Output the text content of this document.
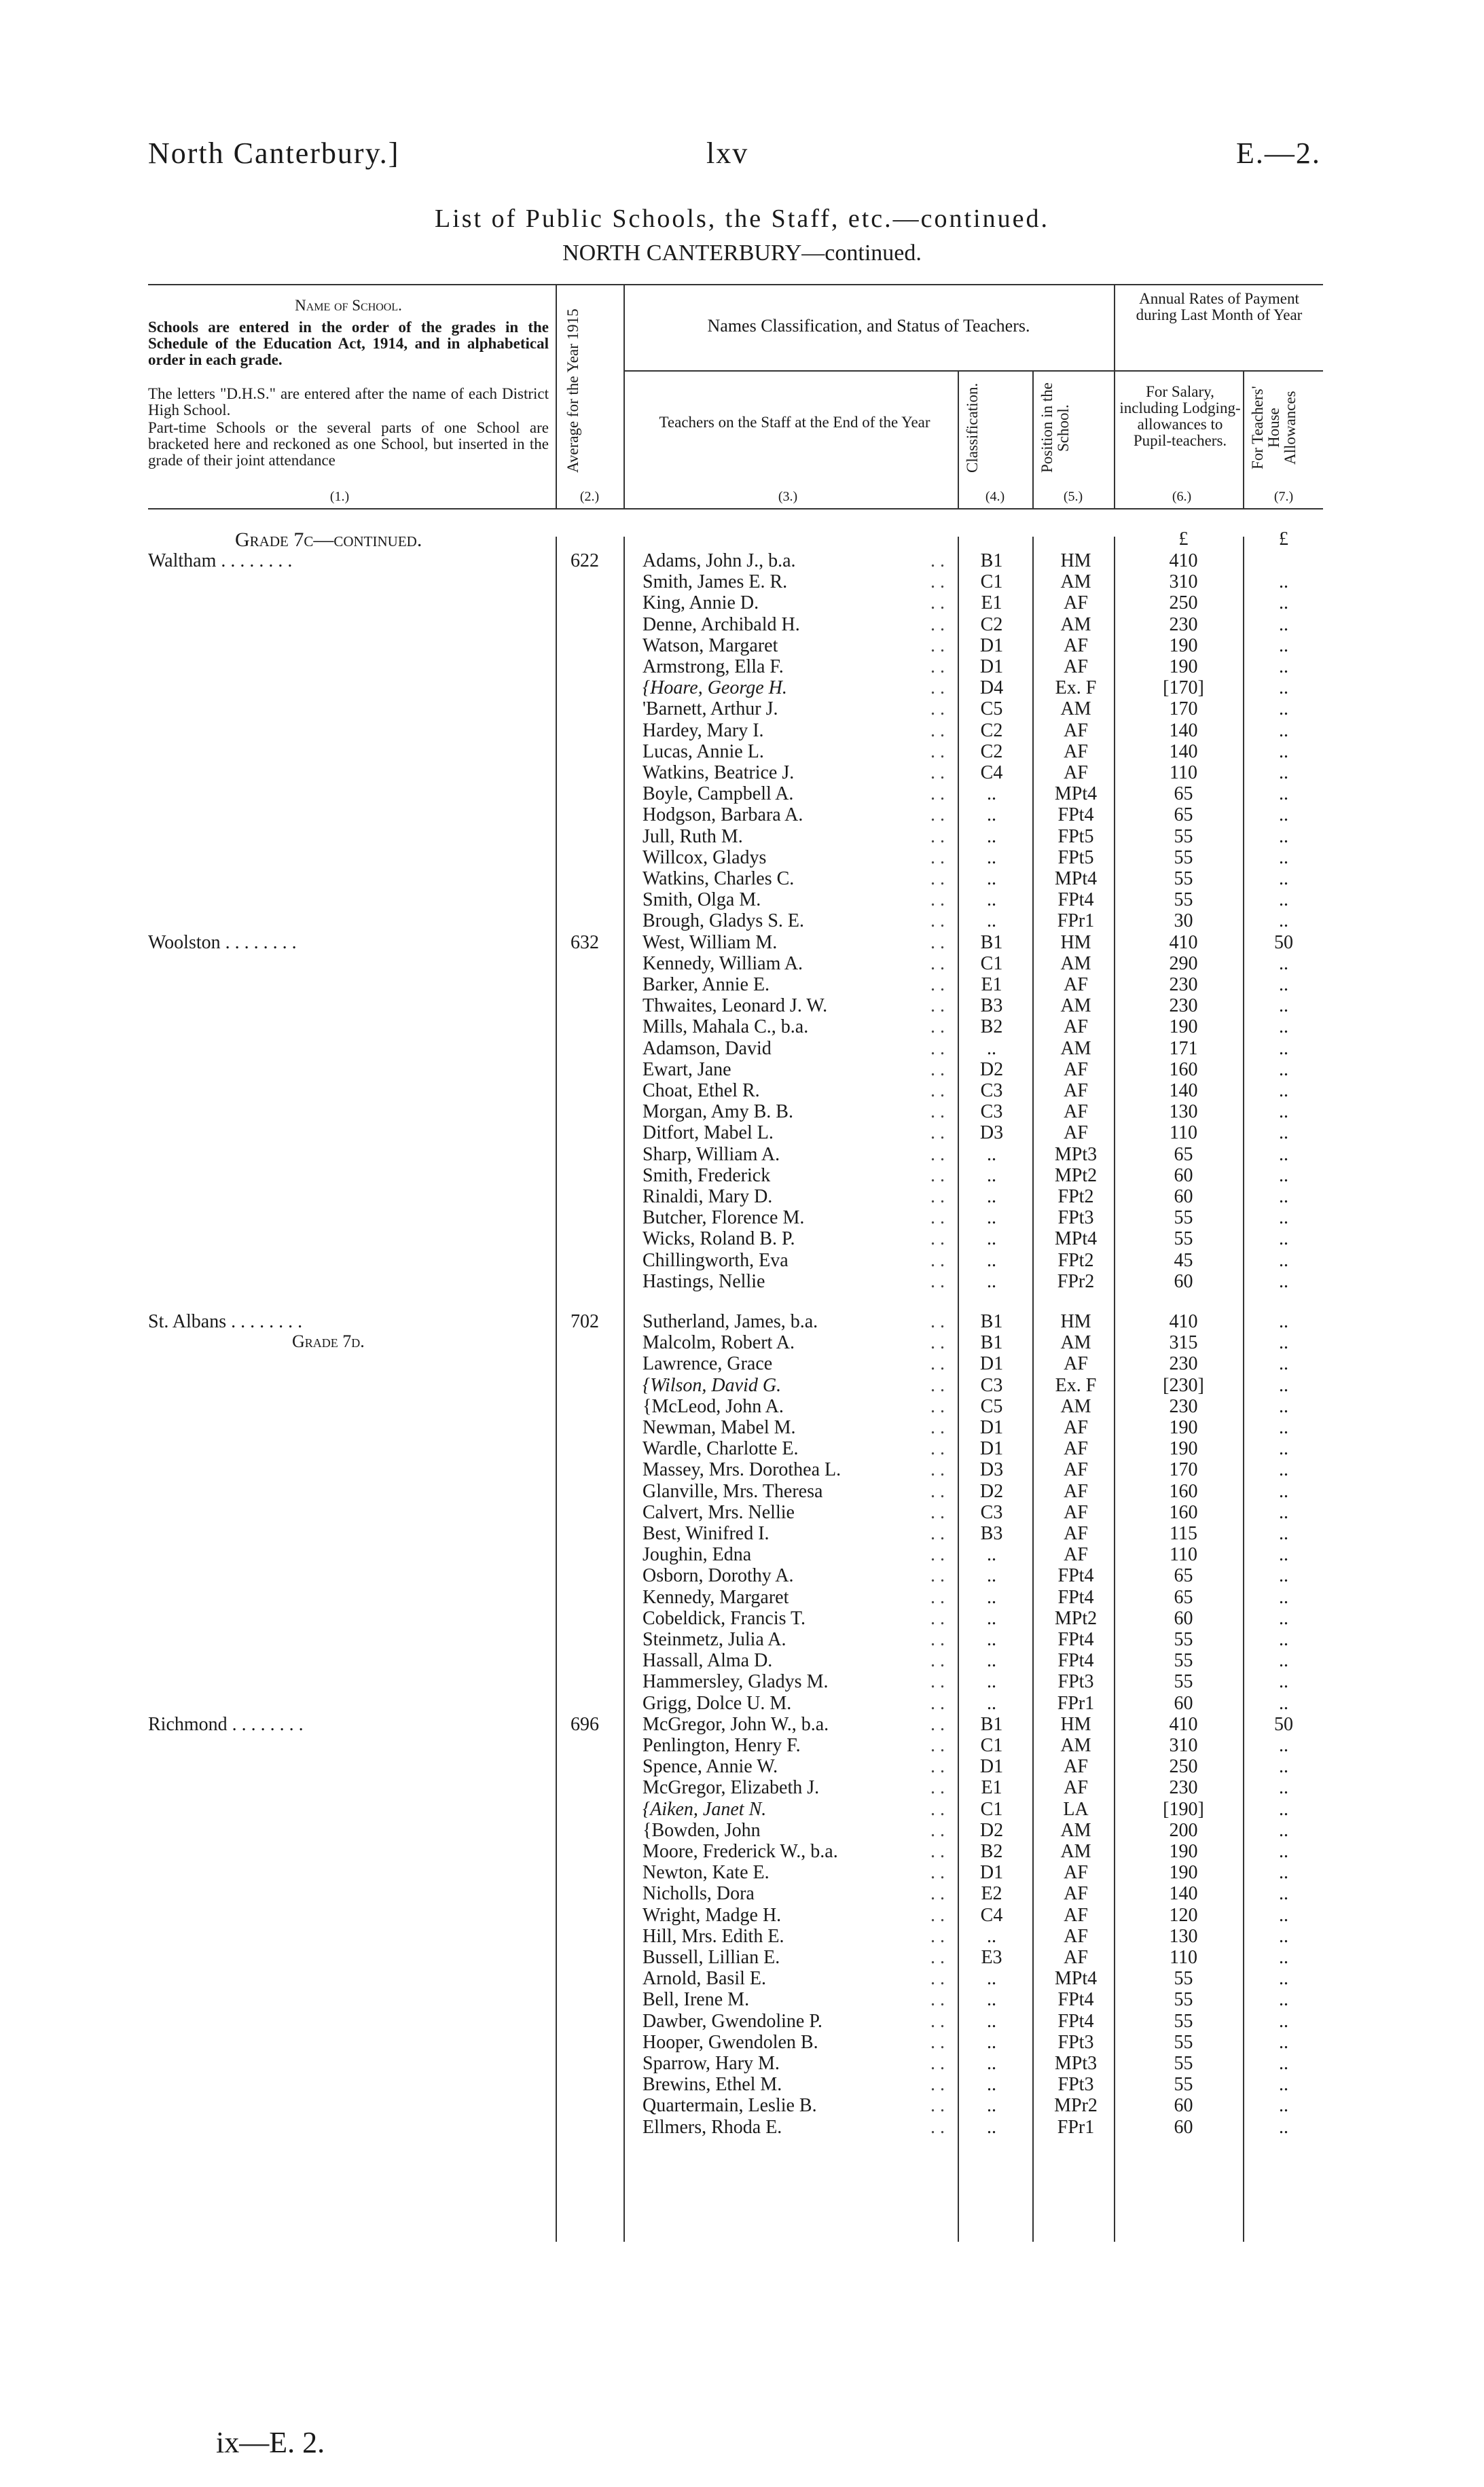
North Canterbury.]	lxv	E.—2.
List of Public Schools, the Staff, etc.—continued.
NORTH CANTERBURY—continued.
Name of School.
Schools are entered in the order of the grades in the Schedule of the Education Act, 1914, and in alphabetical order in each grade.
The letters "D.H.S." are entered after the name of each District High School.
Part-time Schools or the several parts of one School are bracketed here and reckoned as one School, but inserted in the grade of their joint attendance
(1.)
Average for the Year 1915
(2.)
Names Classification, and Status of Teachers.
Teachers on the Staff at the End of the Year
(3.)
Classification.
(4.)
Position in the School.
(5.)
Annual Rates of Payment during Last Month of Year
For Salary, including Lodging-allowances to Pupil-teachers.
(6.)
For Teachers' House Allowances
(7.)
Grade 7c—continued.
Grade 7d.
£	£
Waltham . . . . . . . .	622 Adams, John J., b.a.	. .	B1	HM	410
Smith, James E. R.	. .	C1	AM	310	..
King, Annie D.	. .	E1	AF	250	..
Denne, Archibald H.	. .	C2	AM	230	..
Watson, Margaret	. .	D1	AF	190	..
Armstrong, Ella F.	. .	D1	AF	190	..
{Hoare, George H.	. .	D4	Ex. F	[170]	..
'Barnett, Arthur J.	. .	C5	AM	170	..
Hardey, Mary I.	. .	C2	AF	140	..
Lucas, Annie L.	. .	C2	AF	140	..
Watkins, Beatrice J.	. .	C4	AF	110	..
Boyle, Campbell A.	. .	..	MPt4	65	..
Hodgson, Barbara A.	. .	..	FPt4	65	..
Jull, Ruth M.	. .	..	FPt5	55	..
Willcox, Gladys	. .	..	FPt5	55	..
Watkins, Charles C.	. .	..	MPt4	55	..
Smith, Olga M.	. .	..	FPt4	55	..
Brough, Gladys S. E.	. .	..	FPr1	30	..
Woolston . . . . . . . .	632 West, William M.	. .	B1	HM	410	50
Kennedy, William A.	. .	C1	AM	290	..
Barker, Annie E.	. .	E1	AF	230	..
Thwaites, Leonard J. W.	. .	B3	AM	230	..
Mills, Mahala C., b.a.	. .	B2	AF	190	..
Adamson, David	. .	..	AM	171	..
Ewart, Jane	. .	D2	AF	160	..
Choat, Ethel R.	. .	C3	AF	140	..
Morgan, Amy B. B.	. .	C3	AF	130	..
Ditfort, Mabel L.	. .	D3	AF	110	..
Sharp, William A.	. .	..	MPt3	65	..
Smith, Frederick	. .	..	MPt2	60	..
Rinaldi, Mary D.	. .	..	FPt2	60	..
Butcher, Florence M.	. .	..	FPt3	55	..
Wicks, Roland B. P.	. .	..	MPt4	55	..
Chillingworth, Eva	. .	..	FPt2	45	..
Hastings, Nellie	. .	..	FPr2	60	..
St. Albans . . . . . . . .	702 Sutherland, James, b.a.	. .	B1	HM	410	..
Malcolm, Robert A.	. .	B1	AM	315	..
Lawrence, Grace	. .	D1	AF	230	..
{Wilson, David G.	. .	C3	Ex. F	[230]	..
{McLeod, John A.	. .	C5	AM	230	..
Newman, Mabel M.	. .	D1	AF	190	..
Wardle, Charlotte E.	. .	D1	AF	190	..
Massey, Mrs. Dorothea L.	. .	D3	AF	170	..
Glanville, Mrs. Theresa	. .	D2	AF	160	..
Calvert, Mrs. Nellie	. .	C3	AF	160	..
Best, Winifred I.	. .	B3	AF	115	..
Joughin, Edna	. .	..	AF	110	..
Osborn, Dorothy A.	. .	..	FPt4	65	..
Kennedy, Margaret	. .	..	FPt4	65	..
Cobeldick, Francis T.	. .	..	MPt2	60	..
Steinmetz, Julia A.	. .	..	FPt4	55	..
Hassall, Alma D.	. .	..	FPt4	55	..
Hammersley, Gladys M.	. .	..	FPt3	55	..
Grigg, Dolce U. M.	. .	..	FPr1	60	..
Richmond . . . . . . . .	696 McGregor, John W., b.a.	. .	B1	HM	410	50
Penlington, Henry F.	. .	C1	AM	310	..
Spence, Annie W.	. .	D1	AF	250	..
McGregor, Elizabeth J.	. .	E1	AF	230	..
{Aiken, Janet N.	. .	C1	LA	[190]	..
{Bowden, John	. .	D2	AM	200	..
Moore, Frederick W., b.a.	. .	B2	AM	190	..
Newton, Kate E.	. .	D1	AF	190	..
Nicholls, Dora	. .	E2	AF	140	..
Wright, Madge H.	. .	C4	AF	120	..
Hill, Mrs. Edith E.	. .	..	AF	130	..
Bussell, Lillian E.	. .	E3	AF	110	..
Arnold, Basil E.	. .	..	MPt4	55	..
Bell, Irene M.	. .	..	FPt4	55	..
Dawber, Gwendoline P.	. .	..	FPt4	55	..
Hooper, Gwendolen B.	. .	..	FPt3	55	..
Sparrow, Hary M.	. .	..	MPt3	55	..
Brewins, Ethel M.	. .	..	FPt3	55	..
Quartermain, Leslie B.	. .	..	MPr2	60	..
Ellmers, Rhoda E.	. .	..	FPr1	60	..
ix—E. 2.
